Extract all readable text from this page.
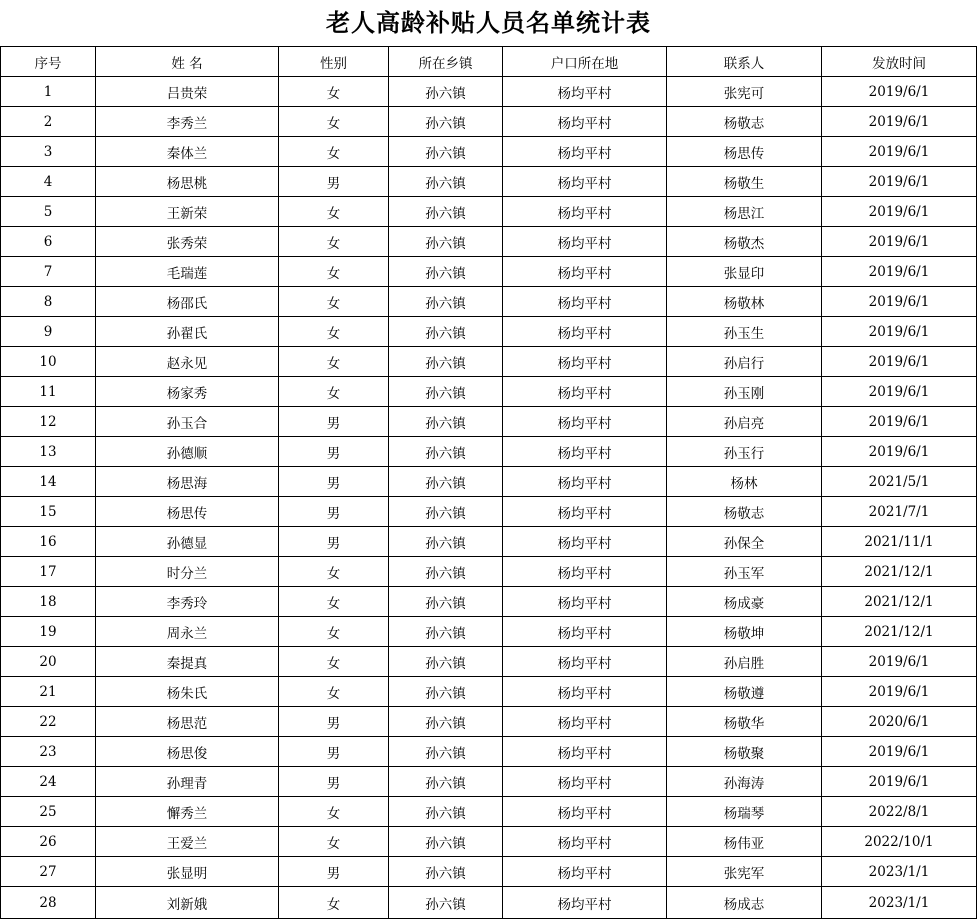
老人高龄补贴人员名单统计表
序号	姓 名	性别	所在乡镇	户口所在地	联系人	发放时间
1	吕贵荣	女	孙六镇	杨均平村	张宪可	2019/6/1
2	李秀兰	女	孙六镇	杨均平村	杨敬志	2019/6/1
3	秦体兰	女	孙六镇	杨均平村	杨思传	2019/6/1
4	杨思桃	男	孙六镇	杨均平村	杨敬生	2019/6/1
5	王新荣	女	孙六镇	杨均平村	杨思江	2019/6/1
6	张秀荣	女	孙六镇	杨均平村	杨敬杰	2019/6/1
7	毛瑞莲	女	孙六镇	杨均平村	张显印	2019/6/1
8	杨邵氏	女	孙六镇	杨均平村	杨敬林	2019/6/1
9	孙翟氏	女	孙六镇	杨均平村	孙玉生	2019/6/1
10	赵永见	女	孙六镇	杨均平村	孙启行	2019/6/1
11	杨家秀	女	孙六镇	杨均平村	孙玉刚	2019/6/1
12	孙玉合	男	孙六镇	杨均平村	孙启亮	2019/6/1
13	孙德顺	男	孙六镇	杨均平村	孙玉行	2019/6/1
14	杨思海	男	孙六镇	杨均平村	杨林	2021/5/1
15	杨思传	男	孙六镇	杨均平村	杨敬志	2021/7/1
16	孙德显	男	孙六镇	杨均平村	孙保全	2021/11/1
17	时分兰	女	孙六镇	杨均平村	孙玉军	2021/12/1
18	李秀玲	女	孙六镇	杨均平村	杨成豪	2021/12/1
19	周永兰	女	孙六镇	杨均平村	杨敬坤	2021/12/1
20	秦提真	女	孙六镇	杨均平村	孙启胜	2019/6/1
21	杨朱氏	女	孙六镇	杨均平村	杨敬遵	2019/6/1
22	杨思范	男	孙六镇	杨均平村	杨敬华	2020/6/1
23	杨思俊	男	孙六镇	杨均平村	杨敬聚	2019/6/1
24	孙理青	男	孙六镇	杨均平村	孙海涛	2019/6/1
25	懈秀兰	女	孙六镇	杨均平村	杨瑞琴	2022/8/1
26	王爱兰	女	孙六镇	杨均平村	杨伟亚	2022/10/1
27	张显明	男	孙六镇	杨均平村	张宪军	2023/1/1
28	刘新娥	女	孙六镇	杨均平村	杨成志	2023/1/1
